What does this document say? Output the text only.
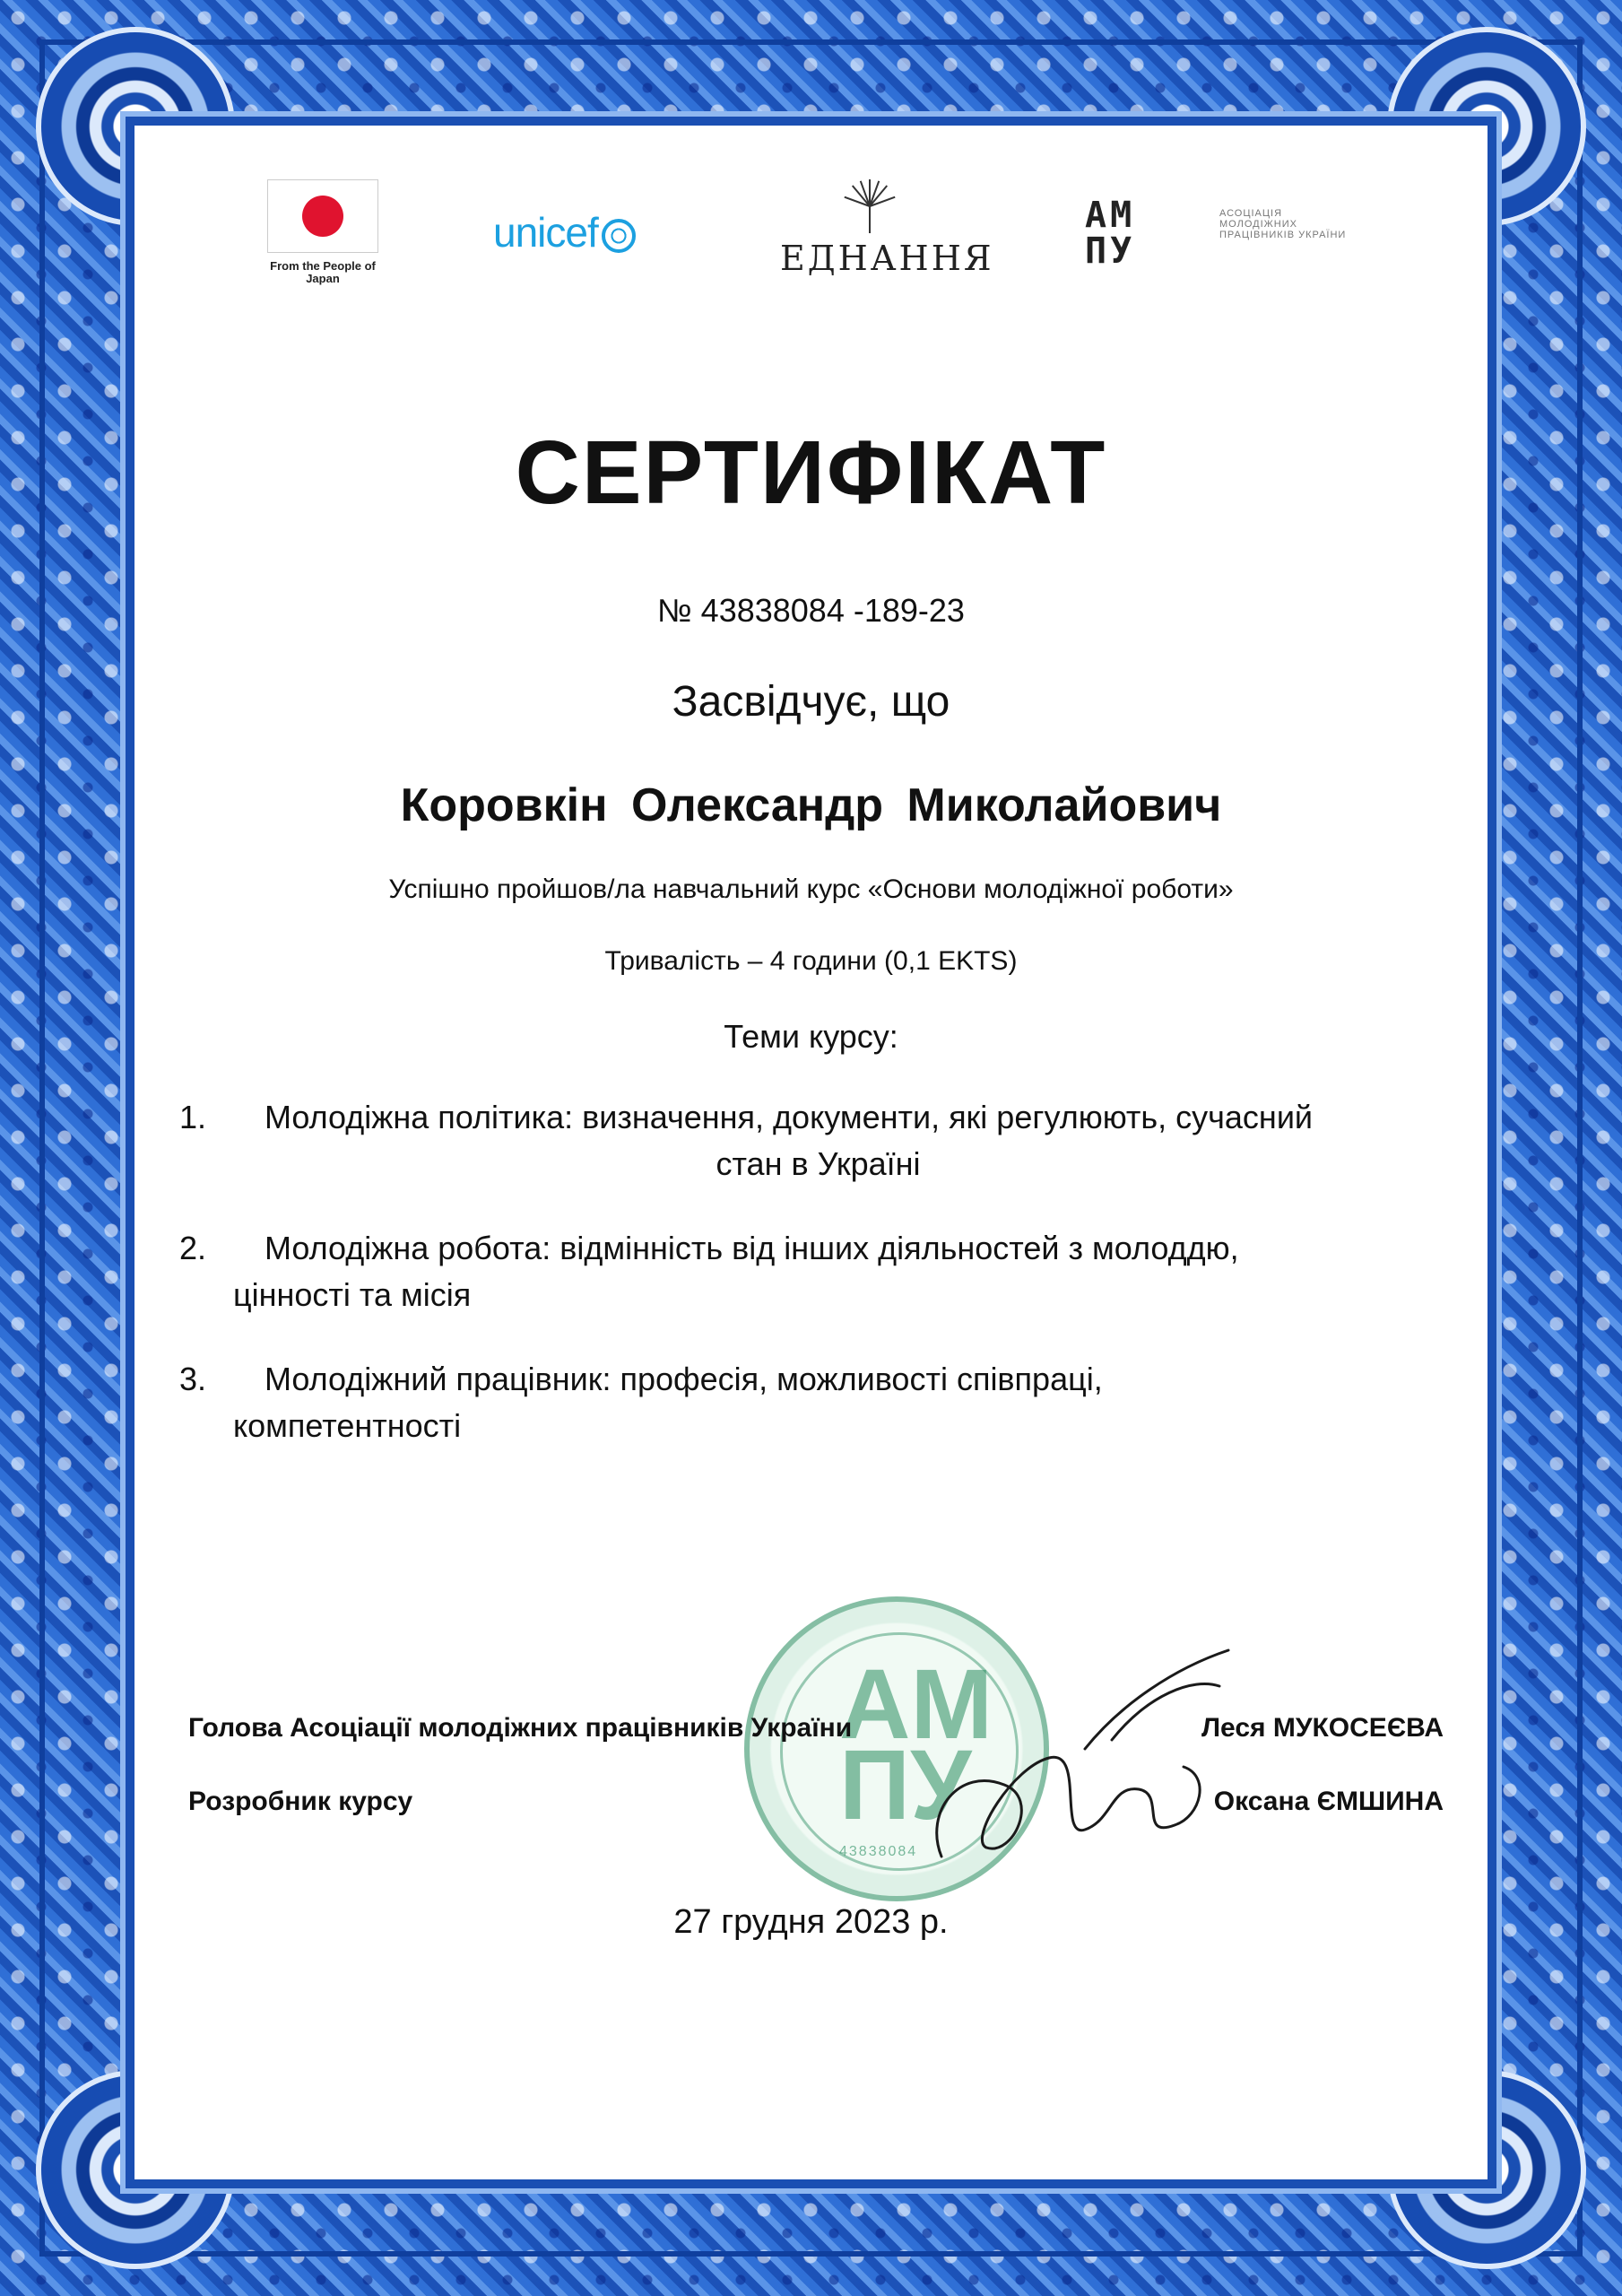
From the People of Japan
unicef
ЕДНАННЯ
АМ
ПУ
АСОЦІАЦІЯ МОЛОДІЖНИХ ПРАЦІВНИКІВ УКРАЇНИ
СЕРТИФІКАТ
№ 43838084 -189-23
Засвідчує, що
Коровкін Олександр Миколайович
Успішно пройшов/ла навчальний курс «Основи молодіжної роботи»
Тривалість – 4 години (0,1 EKTS)
Теми курсу:
1. Молодіжна політика: визначення, документи, які регулюють, сучасний
стан в Україні
2. Молодіжна робота: відмінність від інших діяльностей з молоддю,
цінності та місія
3. Молодіжний працівник: професія, можливості співпраці,
компетентності
АМ ПУ
43838084
Голова Асоціації молодіжних працівників України	Леся МУКОСЕЄВА
Розробник курсу	Оксана ЄМШИНА
27 грудня 2023 р.
